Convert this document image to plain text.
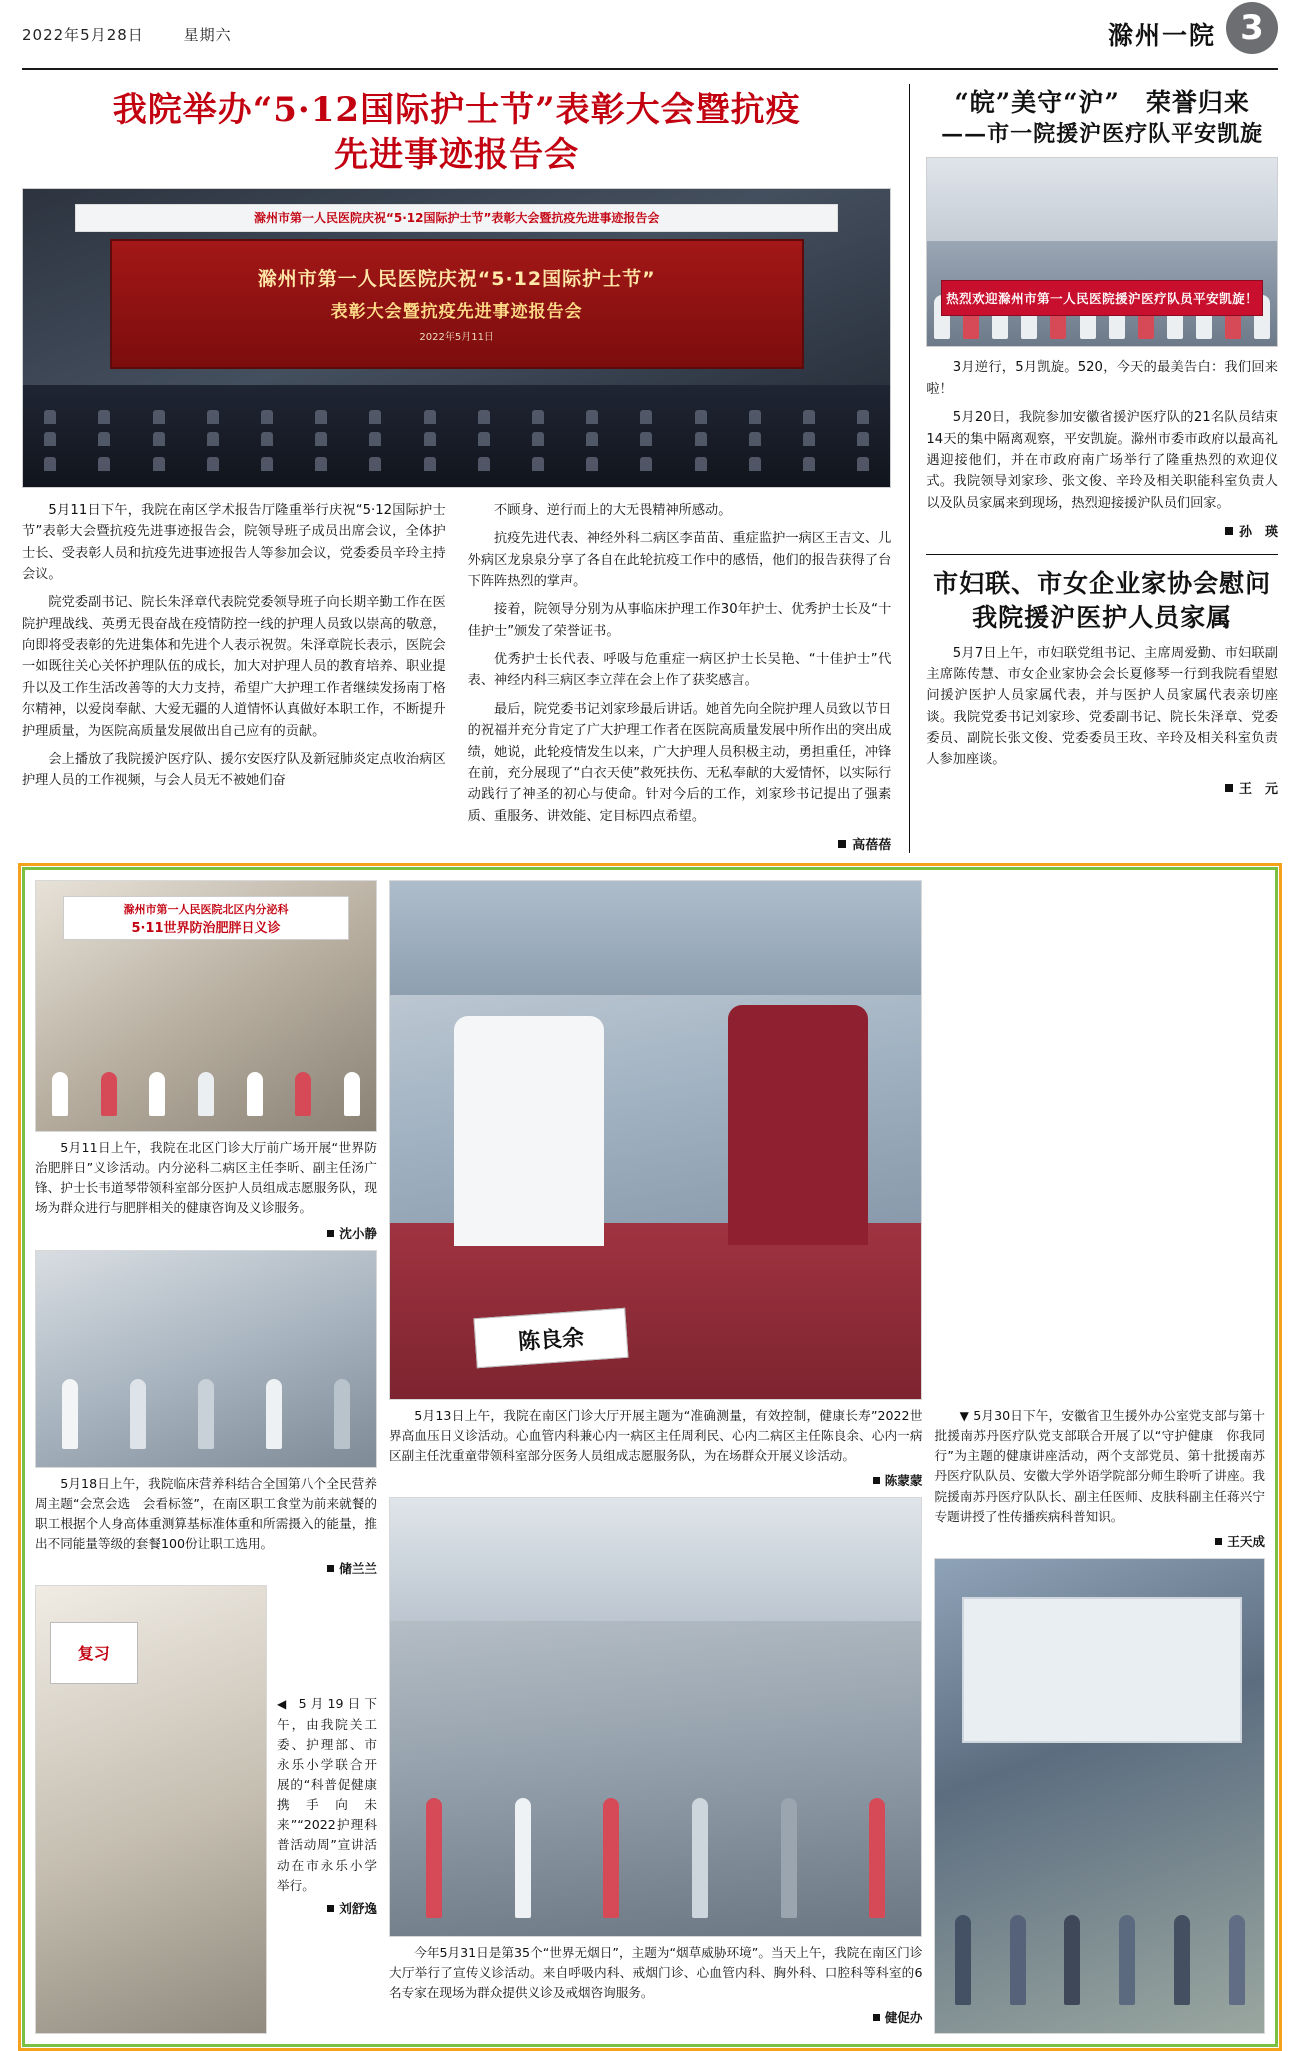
2022年5月28日	星期六	滁州一院 3
我院举办“5·12国际护士节”表彰大会暨抗疫
先进事迹报告会
滁州市第一人民医院庆祝“5·12国际护士节”表彰大会暨抗疫先进事迹报告会
滁州市第一人民医院庆祝“5·12国际护士节”
表彰大会暨抗疫先进事迹报告会
2022年5月11日

5月11日下午，我院在南区学术报告厅隆重举行庆祝“5·12国际护士节”表彰大会暨抗疫先进事迹报告会，院领导班子成员出席会议，全体护士长、受表彰人员和抗疫先进事迹报告人等参加会议，党委委员辛玲主持会议。

院党委副书记、院长朱泽章代表院党委领导班子向长期辛勤工作在医院护理战线、英勇无畏奋战在疫情防控一线的护理人员致以崇高的敬意，向即将受表彰的先进集体和先进个人表示祝贺。朱泽章院长表示，医院会一如既往关心关怀护理队伍的成长，加大对护理人员的教育培养、职业提升以及工作生活改善等的大力支持，希望广大护理工作者继续发扬南丁格尔精神，以爱岗奉献、大爱无疆的人道情怀认真做好本职工作，不断提升护理质量，为医院高质量发展做出自己应有的贡献。

会上播放了我院援沪医疗队、援尔安医疗队及新冠肺炎定点收治病区护理人员的工作视频，与会人员无不被她们奋

不顾身、逆行而上的大无畏精神所感动。

抗疫先进代表、神经外科二病区李苗苗、重症监护一病区王吉文、儿外病区龙泉泉分享了各自在此轮抗疫工作中的感悟，他们的报告获得了台下阵阵热烈的掌声。

接着，院领导分别为从事临床护理工作30年护士、优秀护士长及“十佳护士”颁发了荣誉证书。

优秀护士长代表、呼吸与危重症一病区护士长吴艳、“十佳护士”代表、神经内科三病区李立萍在会上作了获奖感言。

最后，院党委书记刘家珍最后讲话。她首先向全院护理人员致以节日的祝福并充分肯定了广大护理工作者在医院高质量发展中所作出的突出成绩，她说，此轮疫情发生以来，广大护理人员积极主动，勇担重任，冲锋在前，充分展现了“白衣天使”救死扶伤、无私奉献的大爱情怀，以实际行动践行了神圣的初心与使命。针对今后的工作，刘家珍书记提出了强素质、重服务、讲效能、定目标四点希望。

高蓓蓓
“皖”美守“沪”　荣誉归来
——市一院援沪医疗队平安凯旋
热烈欢迎滁州市第一人民医院援沪医疗队员平安凯旋！

3月逆行，5月凯旋。520，今天的最美告白：我们回来啦！

5月20日，我院参加安徽省援沪医疗队的21名队员结束14天的集中隔离观察，平安凯旋。滁州市委市政府以最高礼遇迎接他们，并在市政府南广场举行了隆重热烈的欢迎仪式。我院领导刘家珍、张文俊、辛玲及相关职能科室负责人以及队员家属来到现场，热烈迎接援沪队员们回家。

孙　瑛
市妇联、市女企业家协会慰问
我院援沪医护人员家属

5月7日上午，市妇联党组书记、主席周爱勤、市妇联副主席陈传慧、市女企业家协会会长夏修琴一行到我院看望慰问援沪医护人员家属代表，并与医护人员家属代表亲切座谈。我院党委书记刘家珍、党委副书记、院长朱泽章、党委委员、副院长张文俊、党委委员王玫、辛玲及相关科室负责人参加座谈。

王　元
滁州市第一人民医院北区内分泌科
5·11世界防治肥胖日义诊
5月11日上午，我院在北区门诊大厅前广场开展“世界防治肥胖日”义诊活动。内分泌科二病区主任李昕、副主任汤广锋、护士长韦道琴带领科室部分医护人员组成志愿服务队，现场为群众进行与肥胖相关的健康咨询及义诊服务。
沈小静
5月18日上午，我院临床营养科结合全国第八个全民营养周主题“会烹会选　会看标签”，在南区职工食堂为前来就餐的职工根据个人身高体重测算基标准体重和所需摄入的能量，推出不同能量等级的套餐100份让职工选用。
储兰兰
复习
◀ 5月19日下午，由我院关工委、护理部、市永乐小学联合开展的“科普促健康携手向未来”“2022护理科普活动周”宣讲活动在市永乐小学举行。
刘舒逸
陈良余
5月13日上午，我院在南区门诊大厅开展主题为“准确测量，有效控制，健康长寿”2022世界高血压日义诊活动。心血管内科兼心内一病区主任周利民、心内二病区主任陈良余、心内一病区副主任沈重童带领科室部分医务人员组成志愿服务队，为在场群众开展义诊活动。
陈蒙蒙
今年5月31日是第35个“世界无烟日”，主题为“烟草威胁环境”。当天上午，我院在南区门诊大厅举行了宣传义诊活动。来自呼吸内科、戒烟门诊、心血管内科、胸外科、口腔科等科室的6名专家在现场为群众提供义诊及戒烟咨询服务。
健促办
▼ 5月30日下午，安徽省卫生援外办公室党支部与第十批援南苏丹医疗队党支部联合开展了以“守护健康　你我同行”为主题的健康讲座活动，两个支部党员、第十批援南苏丹医疗队队员、安徽大学外语学院部分师生聆听了讲座。我院援南苏丹医疗队队长、副主任医师、皮肤科副主任蒋兴宁专题讲授了性传播疾病科普知识。
王天成
